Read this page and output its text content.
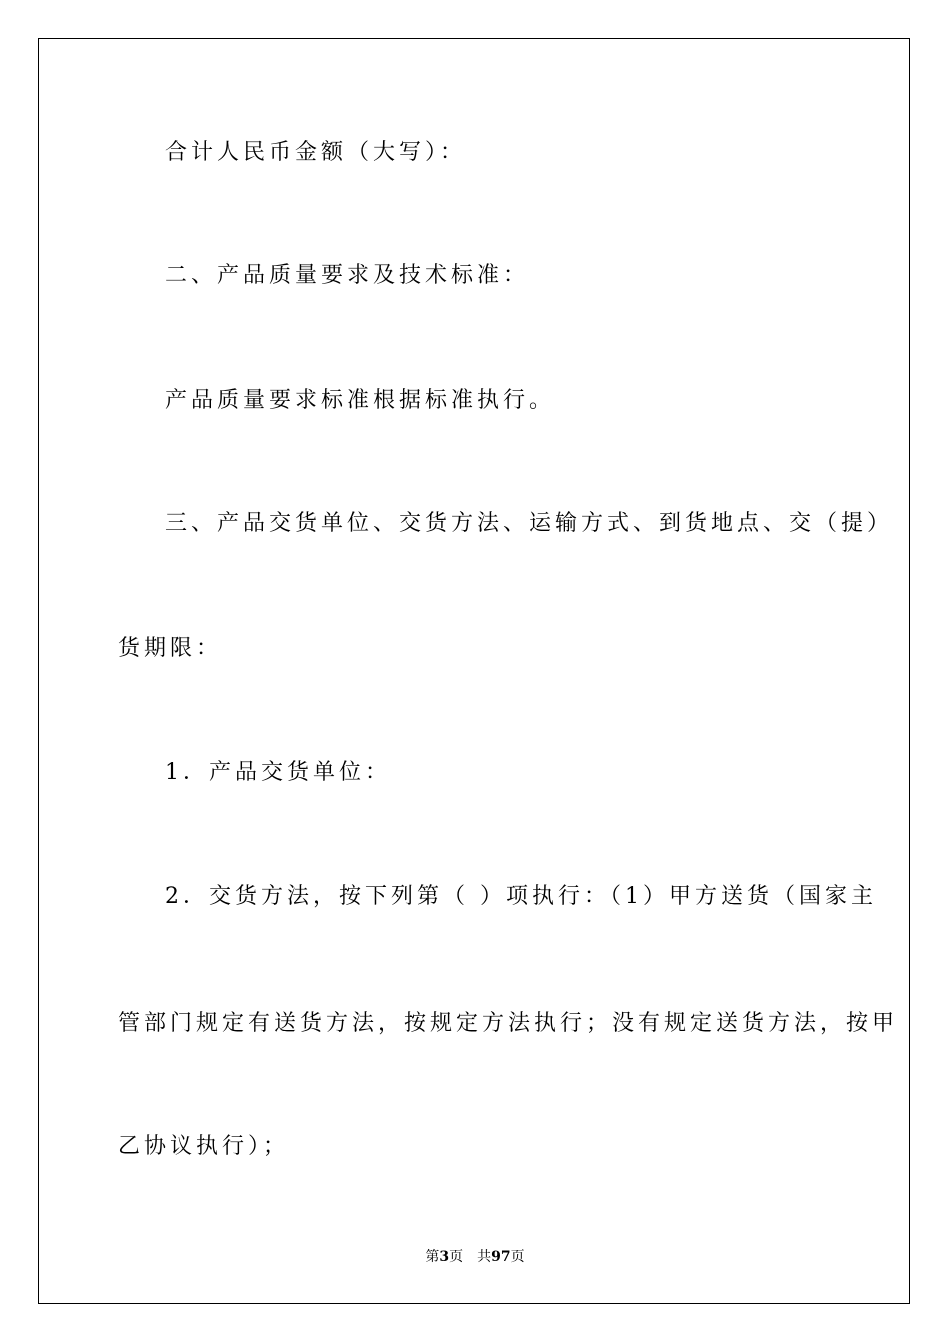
合计人民币金额（大写）：
二、产品质量要求及技术标准：
产品质量要求标准根据标准执行。
三、产品交货单位、交货方法、运输方式、到货地点、交（提）
货期限：
1．产品交货单位：
2．交货方法，按下列第（ ）项执行：（1）甲方送货（国家主
管部门规定有送货方法，按规定方法执行；没有规定送货方法，按甲
乙协议执行）；
第3页 共97页
